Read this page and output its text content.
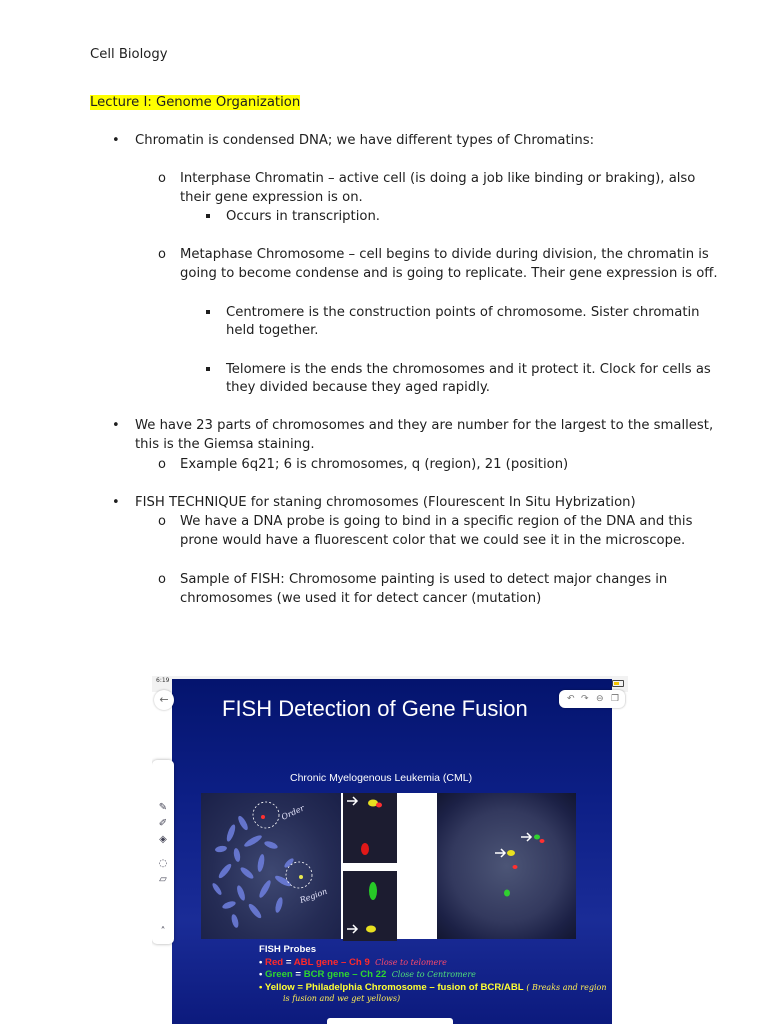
Cell Biology
Lecture I: Genome Organization
• Chromatin is condensed DNA; we have different types of Chromatins:
o Interphase Chromatin – active cell (is doing a job like binding or braking), also
their gene expression is on.
Occurs in transcription.
o Metaphase Chromosome – cell begins to divide during division, the chromatin is
going to become condense and is going to replicate. Their gene expression is off.
Centromere is the construction points of chromosome. Sister chromatin
held together.
Telomere is the ends the chromosomes and it protect it. Clock for cells as
they divided because they aged rapidly.
• We have 23 parts of chromosomes and they are number for the largest to the smallest,
this is the Giemsa staining.
o Example 6q21; 6 is chromosomes, q (region), 21 (position)
• FISH TECHNIQUE for staning chromosomes (Flourescent In Situ Hybrization)
o We have a DNA probe is going to bind in a specific region of the DNA and this
prone would have a fluorescent color that we could see it in the microscope.
o Sample of FISH: Chromosome painting is used to detect major changes in
chromosomes (we used it for detect cancer (mutation)
6:19
FISH Detection of Gene Fusion
Chronic Myelogenous Leukemia (CML)
←	↶ ↷ ⊖ ❐
✎
✐
◈
◌
▱
˄
Order
Region
FISH Probes
• Red = ABL gene – Ch 9 Close to telomere
• Green = BCR gene – Ch 22 Close to Centromere
• Yellow = Philadelphia Chromosome – fusion of BCR/ABL ( Breaks and region
is fusion and we get yellows)
